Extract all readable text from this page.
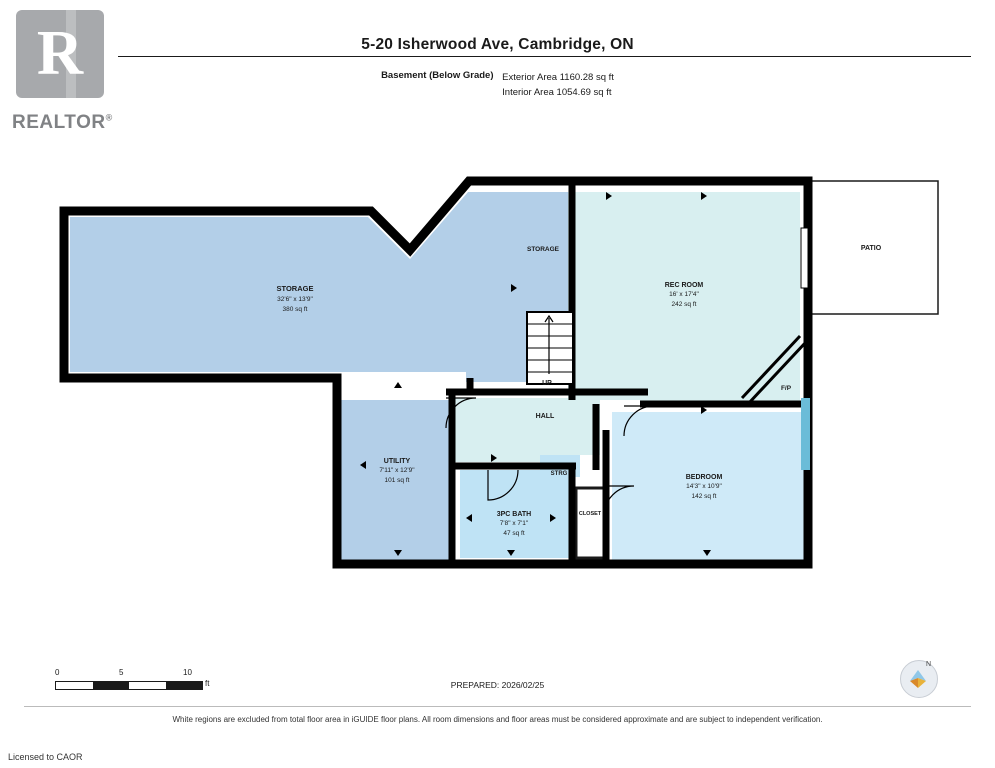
R
REALTOR®
5-20 Isherwood Ave, Cambridge, ON
Basement (Below Grade) Exterior Area 1160.28 sq ft
Interior Area 1054.69 sq ft
STORAGE
32'6" x 13'9"
380 sq ft
STORAGE
REC ROOM
16' x 17'4"
242 sq ft
PATIO
HALL
UTILITY
7'11" x 12'9"
101 sq ft
3PC BATH
7'8" x 7'1"
47 sq ft
STRG
CLOSET
BEDROOM
14'3" x 10'9"
142 sq ft
UP
F/P
0	5	10
ft	PREPARED: 2026/02/25
N
White regions are excluded from total floor area in iGUIDE floor plans. All room dimensions and floor areas must be considered approximate and are subject to independent verification.
Licensed to CAOR
